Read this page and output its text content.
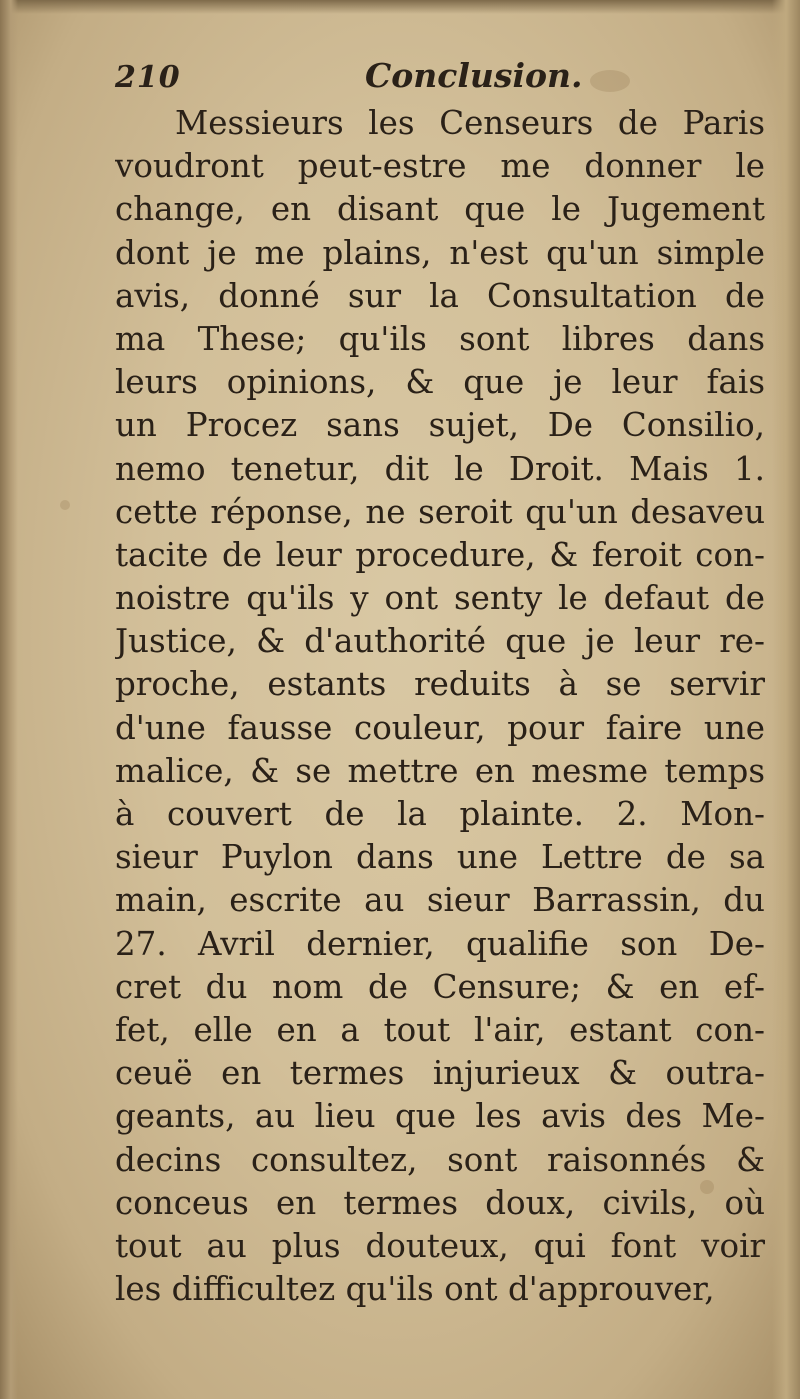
210	Conclusion.
Messieurs les Censeurs de Paris
voudront peut-estre me donner le
change, en disant que le Jugement
dont je me plains, n'est qu'un simple
avis, donné sur la Consultation de
ma These; qu'ils sont libres dans
leurs opinions, & que je leur fais
un Procez sans sujet, De Consilio,
nemo tenetur, dit le Droit. Mais 1.
cette réponse, ne seroit qu'un desaveu
tacite de leur procedure, & feroit con-
noistre qu'ils y ont senty le defaut de
Justice, & d'authorité que je leur re-
proche, estants reduits à se servir
d'une fausse couleur, pour faire une
malice, & se mettre en mesme temps
à couvert de la plainte. 2. Mon-
sieur Puylon dans une Lettre de sa
main, escrite au sieur Barrassin, du
27. Avril dernier, qualifie son De-
cret du nom de Censure; & en ef-
fet, elle en a tout l'air, estant con-
ceuë en termes injurieux & outra-
geants, au lieu que les avis des Me-
decins consultez, sont raisonnés &
conceus en termes doux, civils, où
tout au plus douteux, qui font voir
les difficultez qu'ils ont d'approuver,
